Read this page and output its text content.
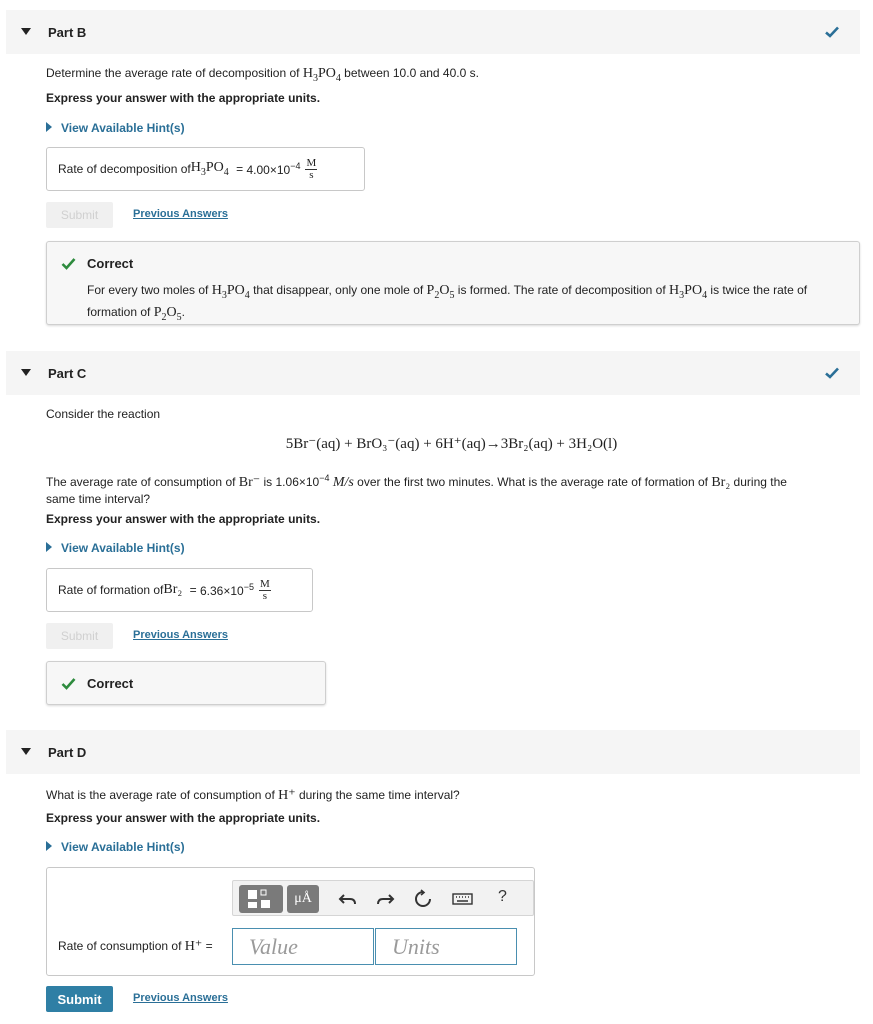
Part B
Determine the average rate of decomposition of $H_3PO_4$ between 10.0 and 40.0 s.
Express your answer with the appropriate units.
View Available Hint(s)
Rate of decomposition of $H_3PO_4 = 4.00\times 10^{-4} \frac{M}{s}$
Submit	Previous Answers
Correct
For every two moles of $H_3PO_4$ that disappear, only one mole of $P_2O_5$ is formed. The rate of decomposition of $H_3PO_4$ is twice the rate of formation of $P_2O_5$.
Part C
Consider the reaction
5Br⁻(aq) + BrO₃⁻(aq) + 6H⁺(aq)→3Br₂(aq) + 3H₂O(l)
The average rate of consumption of Br⁻ is $1.06\times 10^{-4}$ M/s over the first two minutes. What is the average rate of formation of Br₂ during the
same time interval?
Express your answer with the appropriate units.
View Available Hint(s)
Rate of formation of $Br_2 = 6.36\times 10^{-5} \frac{M}{s}$
Submit	Previous Answers
Correct
Part D
What is the average rate of consumption of H⁺ during the same time interval?
Express your answer with the appropriate units.
View Available Hint(s)
μÅ	?
Rate of consumption of H⁺ =	Value	Units
Submit	Previous Answers
